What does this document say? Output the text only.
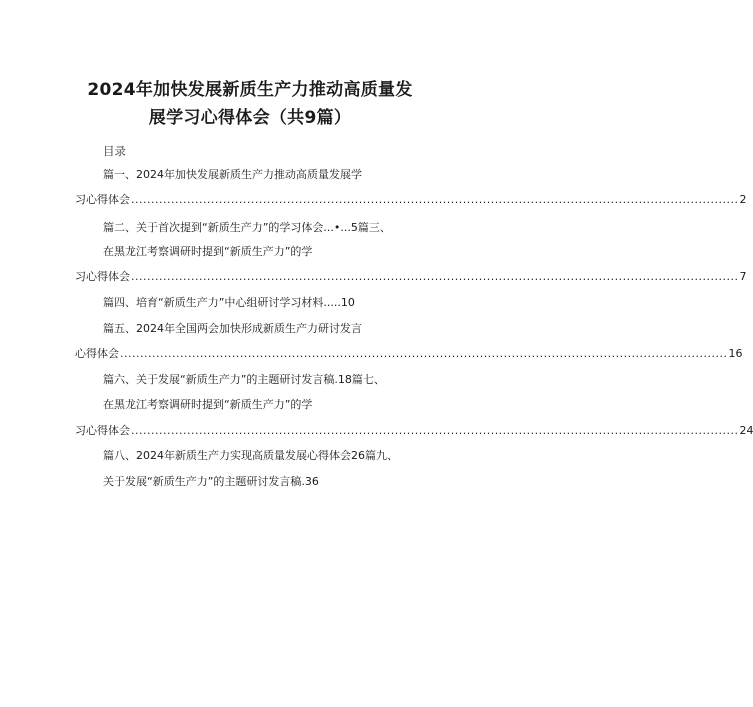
2024年加快发展新质生产力推动高质量发
展学习心得体会（共9篇）
目录
篇一、2024年加快发展新质生产力推动高质量发展学
习心得体会 ........................................................................................................................................................ 2
篇二、关于首次提到“新质生产力”的学习体会...•...5篇三、
在黑龙江考察调研时提到“新质生产力”的学
习心得体会 ........................................................................................................................................................ 7
篇四、培育“新质生产力”中心组研讨学习材料.....10
篇五、2024年全国两会加快形成新质生产力研讨发言
心得体会 ........................................................................................................................................................ 16
篇六、关于发展“新质生产力”的主题研讨发言稿.18篇七、
在黑龙江考察调研时提到“新质生产力”的学
习心得体会 ........................................................................................................................................................ 24
篇八、2024年新质生产力实现高质量发展心得体会26篇九、
关于发展“新质生产力”的主题研讨发言稿.36
